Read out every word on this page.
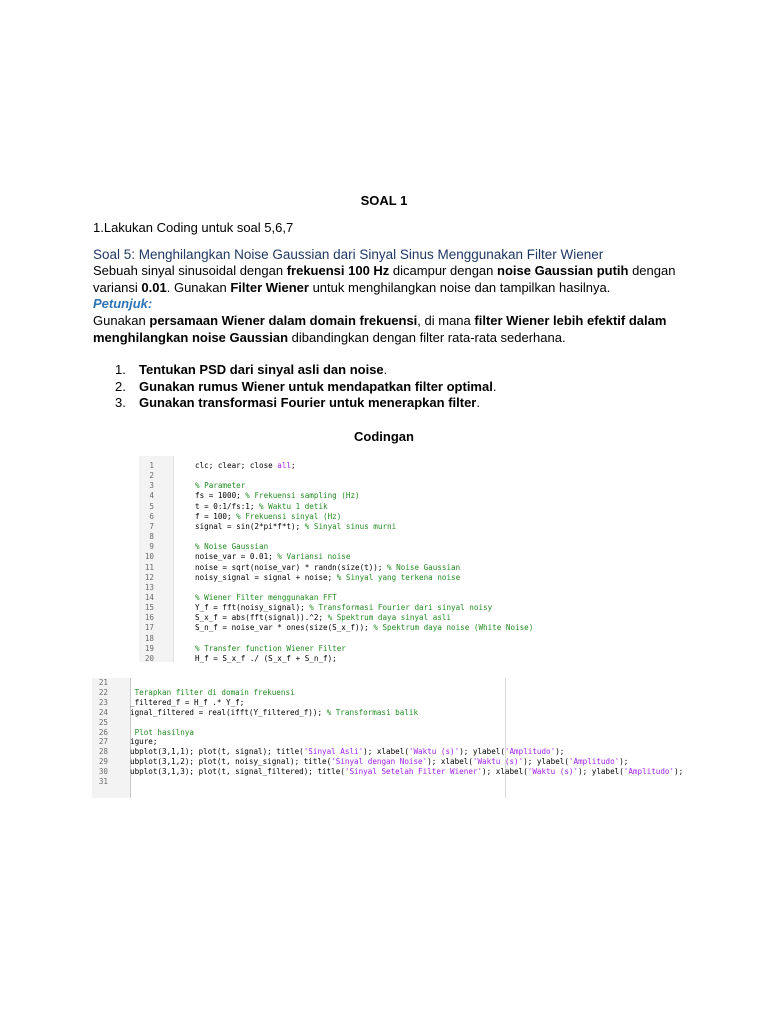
SOAL 1
1.Lakukan Coding untuk soal 5,6,7
Soal 5: Menghilangkan Noise Gaussian dari Sinyal Sinus Menggunakan Filter Wiener
Sebuah sinyal sinusoidal dengan frekuensi 100 Hz dicampur dengan noise Gaussian putih dengan
variansi 0.01. Gunakan Filter Wiener untuk menghilangkan noise dan tampilkan hasilnya.
Petunjuk:
Gunakan persamaan Wiener dalam domain frekuensi, di mana filter Wiener lebih efektif dalam
menghilangkan noise Gaussian dibandingkan dengan filter rata-rata sederhana.
1.	Tentukan PSD dari sinyal asli dan noise .
2.	Gunakan rumus Wiener untuk mendapatkan filter optimal .
3.	Gunakan transformasi Fourier untuk menerapkan filter .
Codingan
1	clc; clear; close all;
2
3	% Parameter
4	fs = 1000; % Frekuensi sampling (Hz)
5	t = 0:1/fs:1; % Waktu 1 detik
6	f = 100; % Frekuensi sinyal (Hz)
7	signal = sin(2*pi*f*t); % Sinyal sinus murni
8
9	% Noise Gaussian
10	noise_var = 0.01; % Variansi noise
11	noise = sqrt(noise_var) * randn(size(t)); % Noise Gaussian
12	noisy_signal = signal + noise; % Sinyal yang terkena noise
13
14	% Wiener Filter menggunakan FFT
15	Y_f = fft(noisy_signal); % Transformasi Fourier dari sinyal noisy
16	S_x_f = abs(fft(signal)).^2; % Spektrum daya sinyal asli
17	S_n_f = noise_var * ones(size(S_x_f)); % Spektrum daya noise (White Noise)
18
19	% Transfer function Wiener Filter
20	H_f = S_x_f ./ (S_x_f + S_n_f);
21
22	Terapkan filter di domain frekuensi
23	_filtered_f = H_f .* Y_f;
24	ignal_filtered = real(ifft(Y_filtered_f)); % Transformasi balik
25
26	Plot hasilnya
27	igure;
28	ubplot(3,1,1); plot(t, signal); title('Sinyal Asli'); xlabel('Waktu (s)'); ylabel('Amplitudo');
29	ubplot(3,1,2); plot(t, noisy_signal); title('Sinyal dengan Noise'); xlabel('Waktu (s)'); ylabel('Amplitudo');
30	ubplot(3,1,3); plot(t, signal_filtered); title('Sinyal Setelah Filter Wiener'); xlabel('Waktu (s)'); ylabel('Amplitudo');
31
